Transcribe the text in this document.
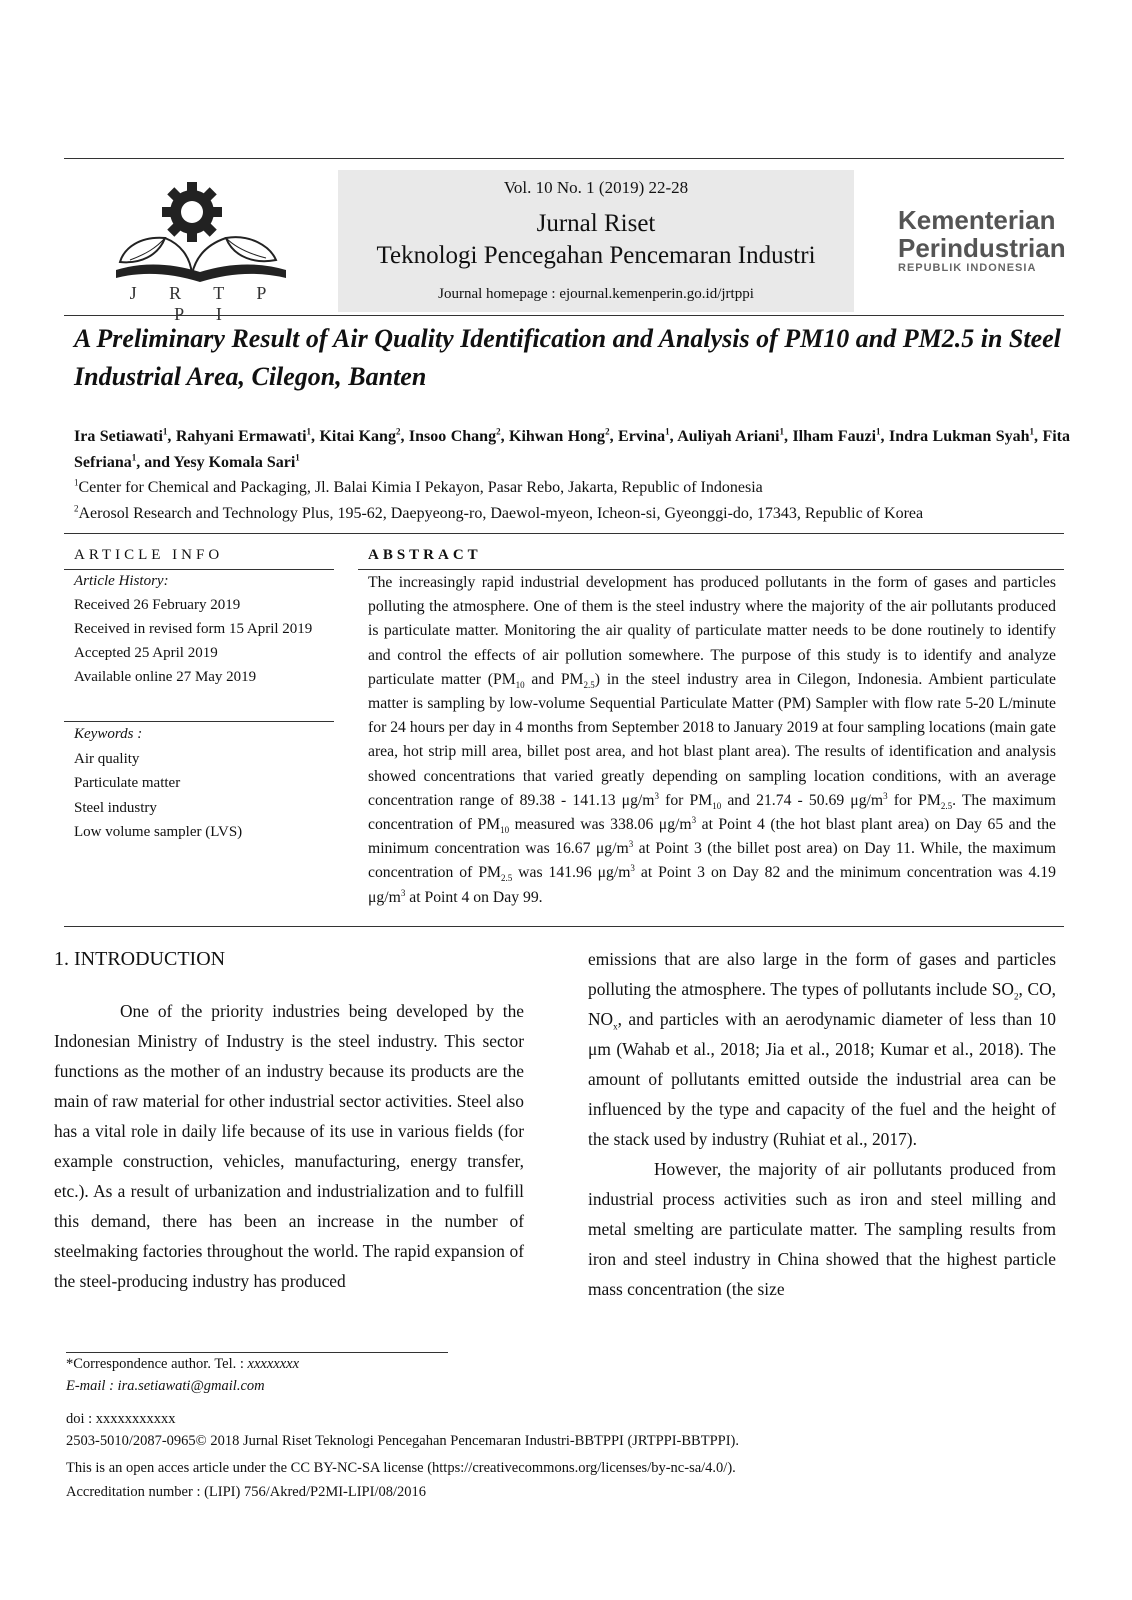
J R T P P I
Vol. 10 No. 1 (2019) 22-28
Jurnal Riset
Teknologi Pencegahan Pencemaran Industri
Journal homepage : ejournal.kemenperin.go.id/jrtppi
Kementerian
Perindustrian
REPUBLIK INDONESIA
A Preliminary Result of Air Quality Identification and Analysis of PM10 and PM2.5 in Steel Industrial Area, Cilegon, Banten
Ira Setiawati$^1$, Rahyani Ermawati$^1$, Kitai Kang$^2$, Insoo Chang$^2$, Kihwan Hong$^2$, Ervina$^1$, Auliyah Ariani$^1$, Ilham Fauzi$^1$, Indra Lukman Syah$^1$, Fita Sefriana$^1$, and Yesy Komala Sari$^1$
$^1$Center for Chemical and Packaging, Jl. Balai Kimia I Pekayon, Pasar Rebo, Jakarta, Republic of Indonesia
$^2$Aerosol Research and Technology Plus, 195-62, Daepyeong-ro, Daewol-myeon, Icheon-si, Gyeonggi-do, 17343, Republic of Korea
ARTICLE INFO
Article History:
Received 26 February 2019
Received in revised form 15 April 2019
Accepted 25 April 2019
Available online 27 May 2019
Keywords :
Air quality
Particulate matter
Steel industry
Low volume sampler (LVS)
ABSTRACT
The increasingly rapid industrial development has produced pollutants in the form of gases and particles polluting the atmosphere. One of them is the steel industry where the majority of the air pollutants produced is particulate matter. Monitoring the air quality of particulate matter needs to be done routinely to identify and control the effects of air pollution somewhere. The purpose of this study is to identify and analyze particulate matter ($PM_{10}$ and $PM_{2.5}$) in the steel industry area in Cilegon, Indonesia. Ambient particulate matter is sampling by low-volume Sequential Particulate Matter (PM) Sampler with flow rate 5-20 L/minute for 24 hours per day in 4 months from September 2018 to January 2019 at four sampling locations (main gate area, hot strip mill area, billet post area, and hot blast plant area). The results of identification and analysis showed concentrations that varied greatly depending on sampling location conditions, with an average concentration range of 89.38 - 141.13 $\mu g/m^3$ for $PM_{10}$ and 21.74 - 50.69 $\mu g/m^3$ for $PM_{2.5}$. The maximum concentration of $PM_{10}$ measured was 338.06 $\mu g/m^3$ at Point 4 (the hot blast plant area) on Day 65 and the minimum concentration was 16.67 $\mu g/m^3$ at Point 3 (the billet post area) on Day 11. While, the maximum concentration of $PM_{2.5}$ was 141.96 $\mu g/m^3$ at Point 3 on Day 82 and the minimum concentration was 4.19 $\mu g/m^3$ at Point 4 on Day 99.
1. INTRODUCTION

One of the priority industries being developed by the Indonesian Ministry of Industry is the steel industry. This sector functions as the mother of an industry because its products are the main of raw material for other industrial sector activities. Steel also has a vital role in daily life because of its use in various fields (for example construction, vehicles, manufacturing, energy transfer, etc.). As a result of urbanization and industrialization and to fulfill this demand, there has been an increase in the number of steelmaking factories throughout the world. The rapid expansion of the steel-producing industry has produced

emissions that are also large in the form of gases and particles polluting the atmosphere. The types of pollutants include $SO_2$, CO, $NO_x$, and particles with an aerodynamic diameter of less than 10 μm (Wahab et al., 2018; Jia et al., 2018; Kumar et al., 2018). The amount of pollutants emitted outside the industrial area can be influenced by the type and capacity of the fuel and the height of the stack used by industry (Ruhiat et al., 2017).

However, the majority of air pollutants produced from industrial process activities such as iron and steel milling and metal smelting are particulate matter. The sampling results from iron and steel industry in China showed that the highest particle mass concentration (the size

*Correspondence author. Tel. : xxxxxxxx
E-mail : ira.setiawati@gmail.com
doi : xxxxxxxxxxx
2503-5010/2087-0965© 2018 Jurnal Riset Teknologi Pencegahan Pencemaran Industri-BBTPPI (JRTPPI-BBTPPI).
This is an open acces article under the CC BY-NC-SA license (https://creativecommons.org/licenses/by-nc-sa/4.0/).
Accreditation number : (LIPI) 756/Akred/P2MI-LIPI/08/2016
